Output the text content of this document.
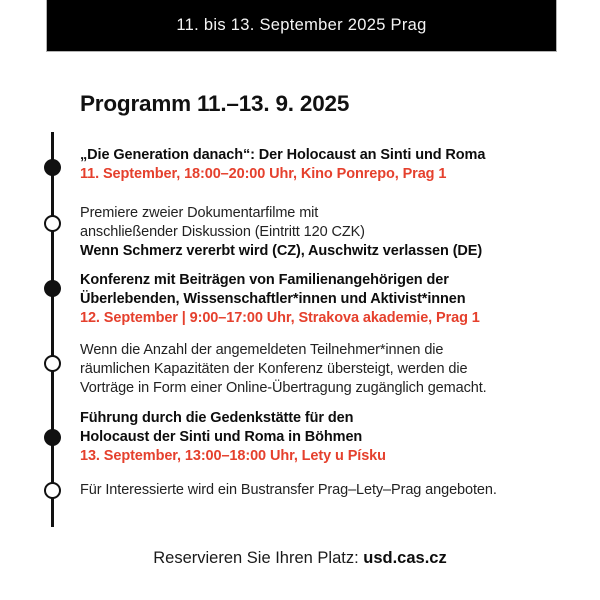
11. bis 13. September 2025 Prag
Programm 11.–13. 9. 2025
„Die Generation danach“: Der Holocaust an Sinti und Roma
11. September, 18:00–20:00 Uhr, Kino Ponrepo, Prag 1
Premiere zweier Dokumentarfilme mit
anschließender Diskussion (Eintritt 120 CZK)
Wenn Schmerz vererbt wird (CZ), Auschwitz verlassen (DE)
Konferenz mit Beiträgen von Familienangehörigen der
Überlebenden, Wissenschaftler*innen und Aktivist*innen
12. September | 9:00–17:00 Uhr, Strakova akademie, Prag 1
Wenn die Anzahl der angemeldeten Teilnehmer*innen die
räumlichen Kapazitäten der Konferenz übersteigt, werden die
Vorträge in Form einer Online-Übertragung zugänglich gemacht.
Führung durch die Gedenkstätte für den
Holocaust der Sinti und Roma in Böhmen
13. September, 13:00–18:00 Uhr, Lety u Písku
Für Interessierte wird ein Bustransfer Prag–Lety–Prag angeboten.
Reservieren Sie Ihren Platz: usd.cas.cz
